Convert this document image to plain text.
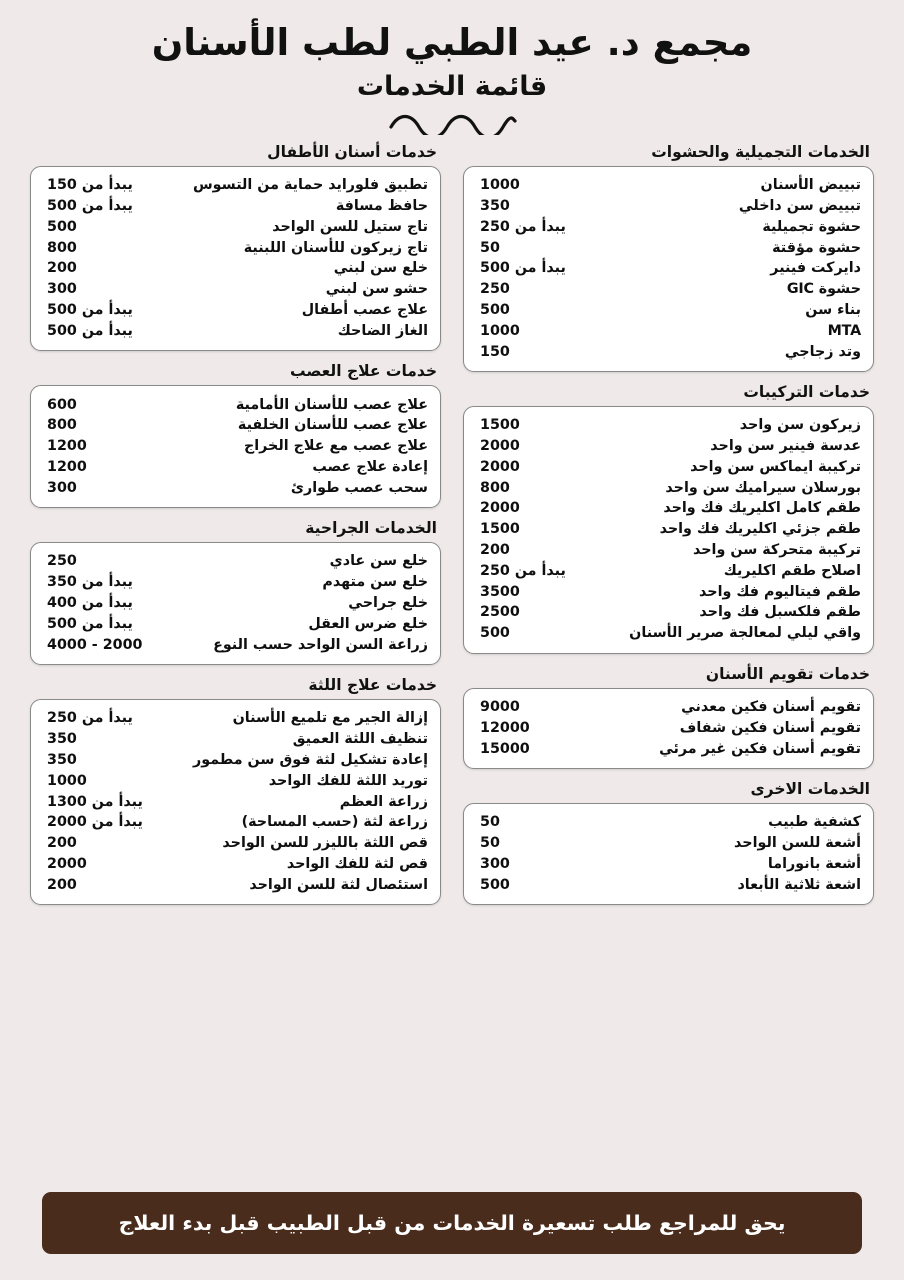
مجمع د. عيد الطبي لطب الأسنان
قائمة الخدمات
الخدمات التجميلية والحشوات
تبييض الأسنان
1000
تبييض سن داخلي
350
حشوة تجميلية
يبدأ من 250
حشوة مؤقتة
50
دايركت فينير
يبدأ من 500
حشوة GIC
250
بناء سن
500
MTA
1000
وتد زجاجي
150
خدمات التركيبات
زيركون سن واحد
1500
عدسة فينير سن واحد
2000
تركيبة ايماكس سن واحد
2000
بورسلان سيراميك سن واحد
800
طقم كامل اكليريك فك واحد
2000
طقم جزئي اكليريك فك واحد
1500
تركيبة متحركة سن واحد
200
اصلاح طقم اكليريك
يبدأ من 250
طقم فيتاليوم فك واحد
3500
طقم فلكسبل فك واحد
2500
واقي ليلي لمعالجة صرير الأسنان
500
خدمات تقويم الأسنان
تقويم أسنان فكين معدني
9000
تقويم أسنان فكين شفاف
12000
تقويم أسنان فكين غير مرئي
15000
الخدمات الاخرى
كشفية طبيب
50
أشعة للسن الواحد
50
أشعة بانوراما
300
اشعة ثلاثية الأبعاد
500
خدمات أسنان الأطفال
تطبيق فلورايد حماية من التسوس
يبدأ من 150
حافظ مسافة
يبدأ من 500
تاج ستيل للسن الواحد
500
تاج زيركون للأسنان اللبنية
800
خلع سن لبني
200
حشو سن لبني
300
علاج عصب أطفال
يبدأ من 500
الغاز الضاحك
يبدأ من 500
خدمات علاج العصب
علاج عصب للأسنان الأمامية
600
علاج عصب للأسنان الخلفية
800
علاج عصب مع علاج الخراج
1200
إعادة علاج عصب
1200
سحب عصب طوارئ
300
الخدمات الجراحية
خلع سن عادي
250
خلع سن متهدم
يبدأ من 350
خلع جراحي
يبدأ من 400
خلع ضرس العقل
يبدأ من 500
زراعة السن الواحد حسب النوع
2000 - 4000
خدمات علاج اللثة
إزالة الجير مع تلميع الأسنان
يبدأ من 250
تنظيف اللثة العميق
350
إعادة تشكيل لثة فوق سن مطمور
350
توريد اللثة للفك الواحد
1000
زراعة العظم
يبدأ من 1300
زراعة لثة (حسب المساحة)
يبدأ من 2000
قص اللثة بالليزر للسن الواحد
200
قص لثة للفك الواحد
2000
استئصال لثة للسن الواحد
200
يحق للمراجع طلب تسعيرة الخدمات من قبل الطبيب قبل بدء العلاج
